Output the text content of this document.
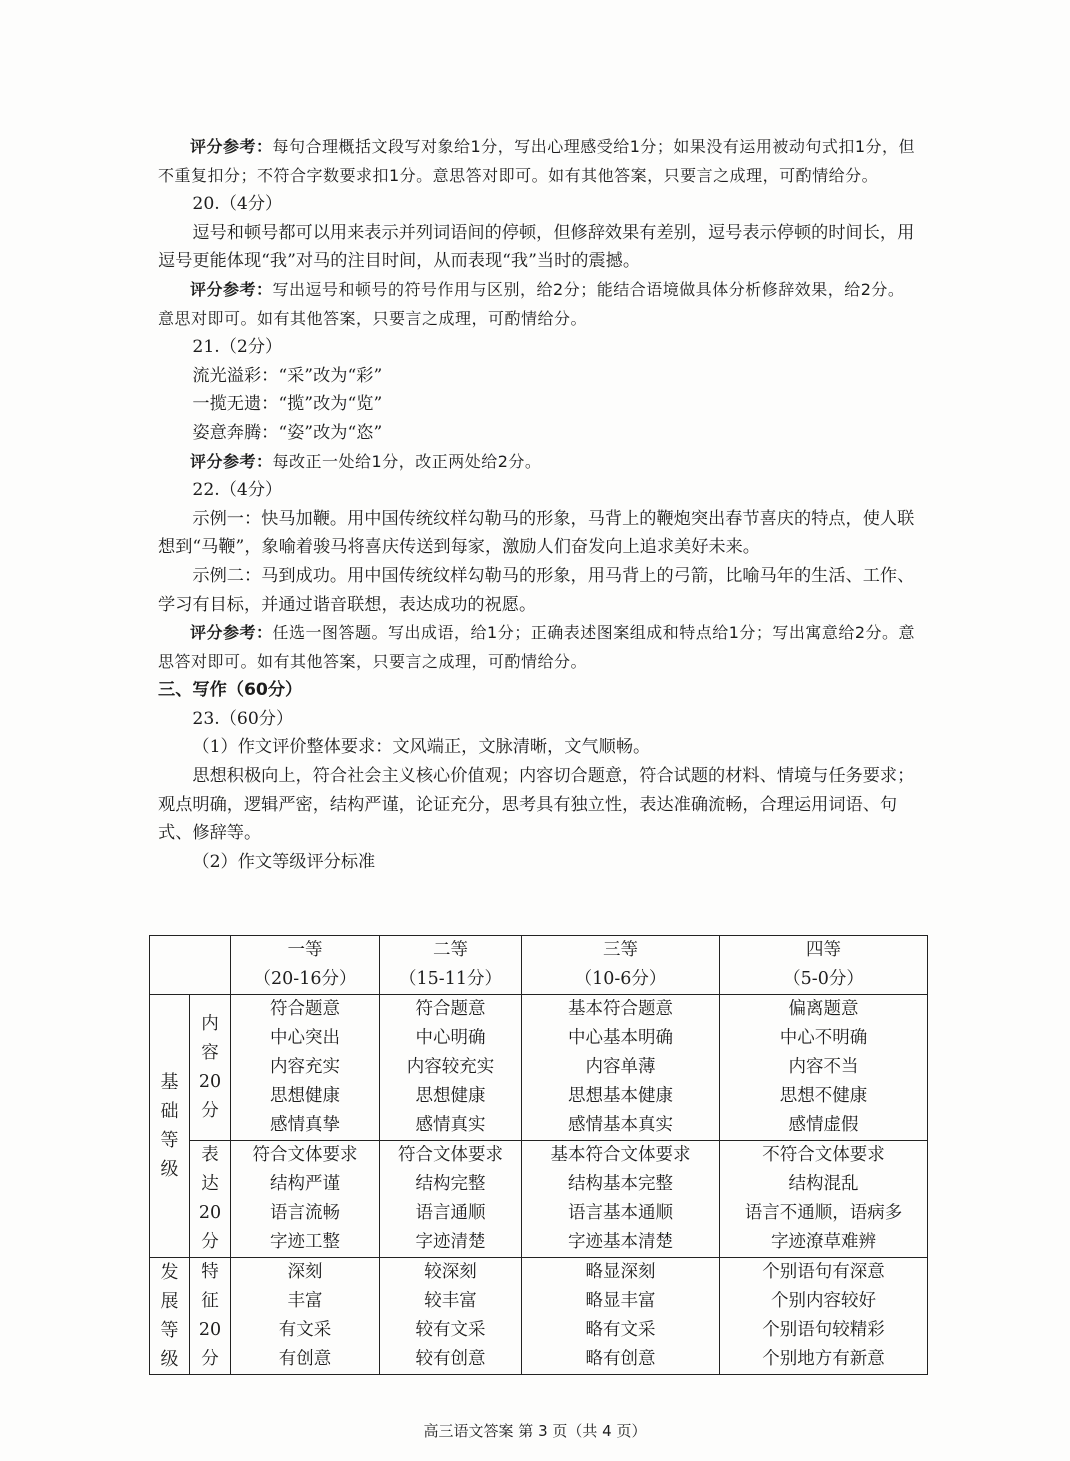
评分参考：每句合理概括文段写对象给1分，写出心理感受给1分；如果没有运用被动句式扣1分，但不重复扣分；不符合字数要求扣1分。意思答对即可。如有其他答案，只要言之成理，可酌情给分。

20.（4分）

逗号和顿号都可以用来表示并列词语间的停顿，但修辞效果有差别，逗号表示停顿的时间长，用逗号更能体现“我”对马的注目时间，从而表现“我”当时的震撼。

评分参考：写出逗号和顿号的符号作用与区别，给2分；能结合语境做具体分析修辞效果，给2分。意思对即可。如有其他答案，只要言之成理，可酌情给分。

21.（2分）

流光溢彩：“采”改为“彩”

一揽无遗：“揽”改为“览”

姿意奔腾：“姿”改为“恣”

评分参考：每改正一处给1分，改正两处给2分。

22.（4分）

示例一：快马加鞭。用中国传统纹样勾勒马的形象，马背上的鞭炮突出春节喜庆的特点，使人联想到“马鞭”，象喻着骏马将喜庆传送到每家，激励人们奋发向上追求美好未来。

示例二：马到成功。用中国传统纹样勾勒马的形象，用马背上的弓箭，比喻马年的生活、工作、学习有目标，并通过谐音联想，表达成功的祝愿。

评分参考：任选一图答题。写出成语，给1分；正确表述图案组成和特点给1分；写出寓意给2分。意思答对即可。如有其他答案，只要言之成理，可酌情给分。

三、写作（60分）

23.（60分）

（1）作文评价整体要求：文风端正，文脉清晰，文气顺畅。

思想积极向上，符合社会主义核心价值观；内容切合题意，符合试题的材料、情境与任务要求；观点明确，逻辑严密，结构严谨，论证充分，思考具有独立性，表达准确流畅，合理运用词语、句式、修辞等。

（2）作文等级评分标准

​

		一等
（20-16分）	二等
（15-11分）	三等
（10-6分）	四等
（5-0分）

基
础
等
级	内
容
20
分	符合题意
中心突出
内容充实
思想健康
感情真挚	符合题意
中心明确
内容较充实
思想健康
感情真实	基本符合题意
中心基本明确
内容单薄
思想基本健康
感情基本真实	偏离题意
中心不明确
内容不当
思想不健康
感情虚假

	表
达
20
分	符合文体要求
结构严谨
语言流畅
字迹工整	符合文体要求
结构完整
语言通顺
字迹清楚	基本符合文体要求
结构基本完整
语言基本通顺
字迹基本清楚	不符合文体要求
结构混乱
语言不通顺，语病多
字迹潦草难辨

发
展
等
级	特
征
20
分	深刻
丰富
有文采
有创意	较深刻
较丰富
较有文采
较有创意	略显深刻
略显丰富
略有文采
略有创意	个别语句有深意
个别内容较好
个别语句较精彩
个别地方有新意
高三语文答案 第 3 页（共 4 页）
